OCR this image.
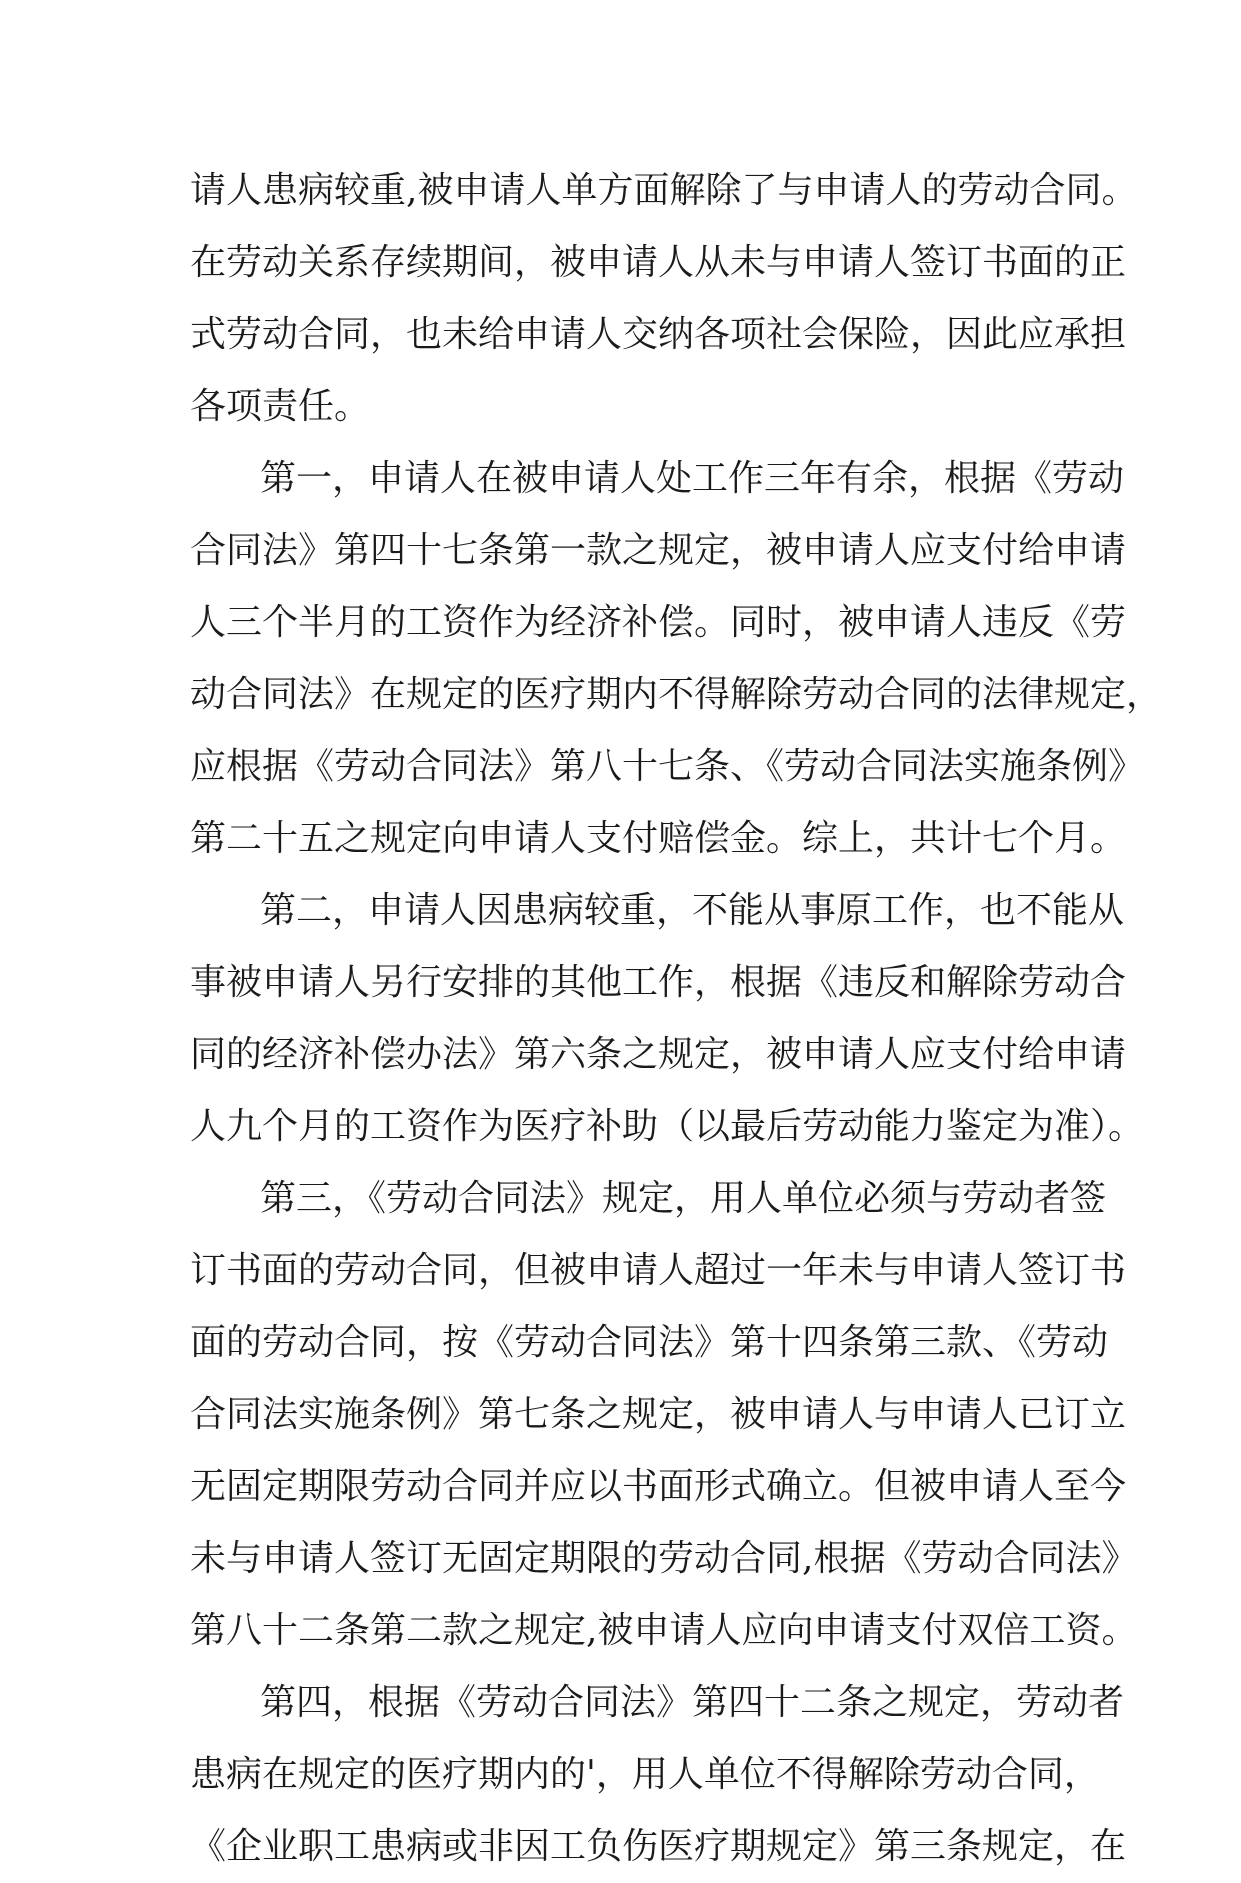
请人患病较重,被申请人单方面解除了与申请人的劳动合同。
在劳动关系存续期间，被申请人从未与申请人签订书面的正
式劳动合同，也未给申请人交纳各项社会保险，因此应承担
各项责任。
第一，申请人在被申请人处工作三年有余，根据《劳动
合同法》第四十七条第一款之规定，被申请人应支付给申请
人三个半月的工资作为经济补偿。同时，被申请人违反《劳
动合同法》在规定的医疗期内不得解除劳动合同的法律规定，
应根据《劳动合同法》第八十七条、《劳动合同法实施条例》
第二十五之规定向申请人支付赔偿金。综上，共计七个月。
第二，申请人因患病较重，不能从事原工作，也不能从
事被申请人另行安排的其他工作，根据《违反和解除劳动合
同的经济补偿办法》第六条之规定，被申请人应支付给申请
人九个月的工资作为医疗补助（以最后劳动能力鉴定为准）。
第三，《劳动合同法》规定，用人单位必须与劳动者签
订书面的劳动合同，但被申请人超过一年未与申请人签订书
面的劳动合同，按《劳动合同法》第十四条第三款、《劳动
合同法实施条例》第七条之规定，被申请人与申请人已订立
无固定期限劳动合同并应以书面形式确立。但被申请人至今
未与申请人签订无固定期限的劳动合同,根据《劳动合同法》
第八十二条第二款之规定,被申请人应向申请支付双倍工资。
第四，根据《劳动合同法》第四十二条之规定，劳动者
患病在规定的医疗期内的'，用人单位不得解除劳动合同，
《企业职工患病或非因工负伤医疗期规定》第三条规定，在
